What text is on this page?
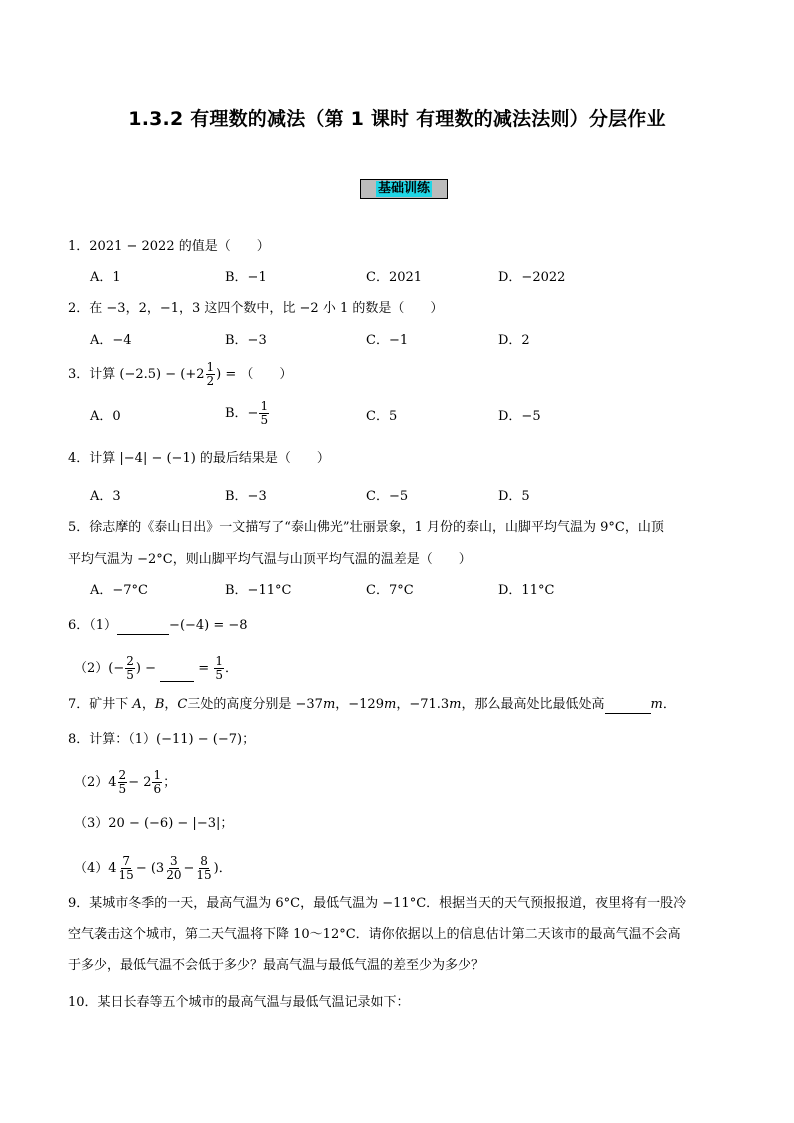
1.3.2 有理数的减法（第 1 课时 有理数的减法法则）分层作业
基础训练
1．2021 − 2022 的值是（　　）
A．1	B．−1	C．2021	D．−2022
2．在 −3，2，−1，3 这四个数中，比 −2 小 1 的数是（　　）
A．−4	B．−3	C．−1	D．2
3．计算 $(-2.5) - (+2 \frac{1}{2}$ ) = （　　）
A．0	B．− $\frac{1}{5}$	C．5	D．−5
4．计算 |−4| − (−1) 的最后结果是（　　）
A．3	B．−3	C．−5	D．5
5．徐志摩的《泰山日出》一文描写了“泰山佛光”壮丽景象，1 月份的泰山，山脚平均气温为 9°C，山顶
平均气温为 −2°C，则山脚平均气温与山顶平均气温的温差是（　　）
A．−7°C	B．−11°C	C．7°C	D．11°C
6．（1）	−(−4) = −8
$(2)(- \frac{2}{5}$ ) −	= $\frac{1}{5}$ ．
7．矿井下 A，B，C三处的高度分别是 −37m，−129m，−71.3m，那么最高处比最低处高	m．
8．计算：（1）(−11) − (−7)；
$(2)4 \frac{2}{5} - 2 \frac{1}{6}$ ；
（3）20 − (−6) − |−3|；
$(4)4 \frac{7}{15} - (3 \frac{3}{20} - \frac{8}{15}$ )．
9．某城市冬季的一天，最高气温为 6°C，最低气温为 −11°C．根据当天的天气预报报道，夜里将有一股冷
空气袭击这个城市，第二天气温将下降 10～12°C．请你依据以上的信息估计第二天该市的最高气温不会高
于多少，最低气温不会低于多少？最高气温与最低气温的差至少为多少？
10．某日长春等五个城市的最高气温与最低气温记录如下：
